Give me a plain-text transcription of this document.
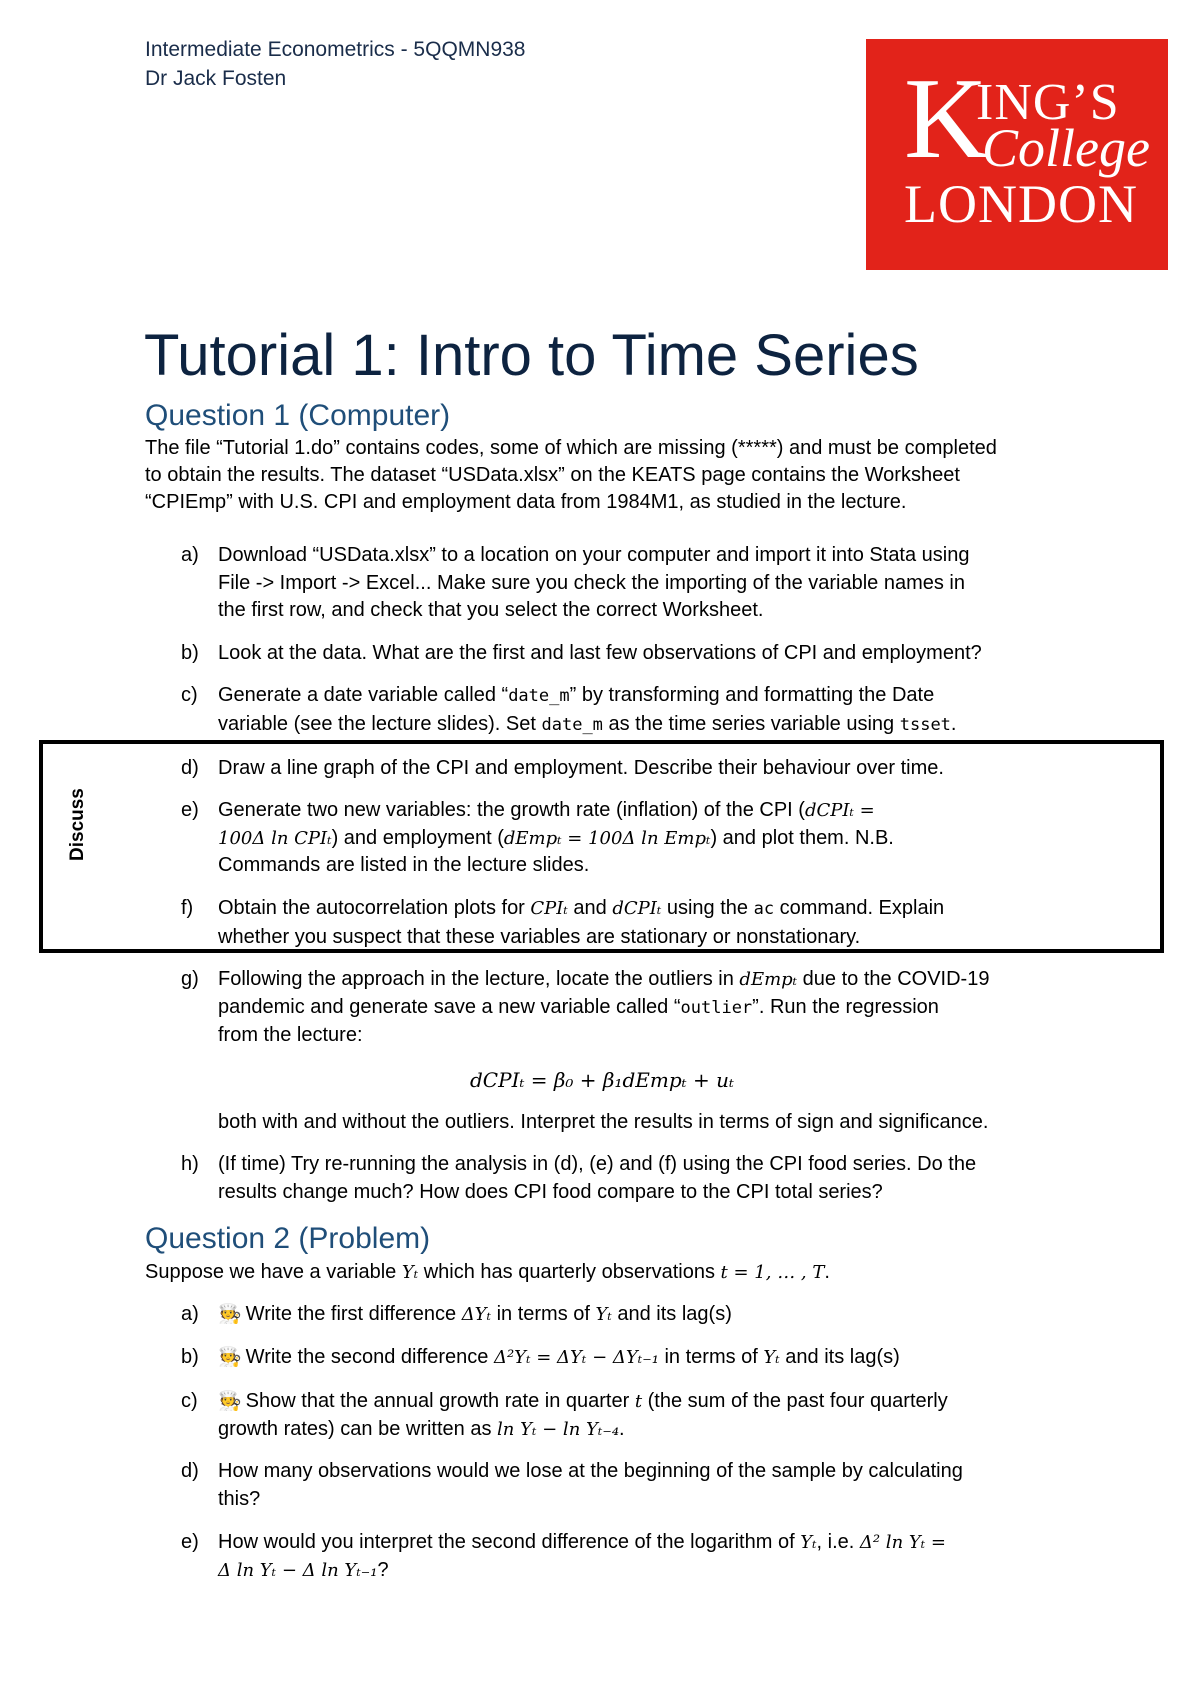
Intermediate Econometrics - 5QQMN938
Dr Jack Fosten	K
ING’S
College
LONDON
Tutorial 1: Intro to Time Series
Question 1 (Computer)
The file “Tutorial 1.do” contains codes, some of which are missing (*****) and must be completed
to obtain the results. The dataset “USData.xlsx” on the KEATS page contains the Worksheet
“CPIEmp” with U.S. CPI and employment data from 1984M1, as studied in the lecture.
a) Download “USData.xlsx” to a location on your computer and import it into Stata using
File -> Import -> Excel... Make sure you check the importing of the variable names in
the first row, and check that you select the correct Worksheet.
b) Look at the data. What are the first and last few observations of CPI and employment?
c) Generate a date variable called “date_m” by transforming and formatting the Date
variable (see the lecture slides). Set date_m as the time series variable using tsset.
Discuss
d) Draw a line graph of the CPI and employment. Describe their behaviour over time.
e) Generate two new variables: the growth rate (inflation) of the CPI (dCPIₜ =
100Δ ln CPIₜ) and employment (dEmpₜ = 100Δ ln Empₜ) and plot them. N.B.
Commands are listed in the lecture slides.
f) Obtain the autocorrelation plots for CPIₜ and dCPIₜ using the ac command. Explain
whether you suspect that these variables are stationary or nonstationary.
g) Following the approach in the lecture, locate the outliers in dEmpₜ due to the COVID-19
pandemic and generate save a new variable called “outlier”. Run the regression
from the lecture:
dCPIₜ = β₀ + β₁dEmpₜ + uₜ
both with and without the outliers. Interpret the results in terms of sign and significance.
h) (If time) Try re-running the analysis in (d), (e) and (f) using the CPI food series. Do the
results change much? How does CPI food compare to the CPI total series?
Question 2 (Problem)
Suppose we have a variable Yₜ which has quarterly observations t = 1, … , T.
a) 🧑‍🍳 Write the first difference ΔYₜ in terms of Yₜ and its lag(s)
b) 🧑‍🍳 Write the second difference Δ²Yₜ = ΔYₜ − ΔYₜ₋₁ in terms of Yₜ and its lag(s)
c) 🧑‍🍳 Show that the annual growth rate in quarter t (the sum of the past four quarterly
growth rates) can be written as ln Yₜ − ln Yₜ₋₄.
d) How many observations would we lose at the beginning of the sample by calculating
this?
e) How would you interpret the second difference of the logarithm of Yₜ, i.e. Δ² ln Yₜ =
Δ ln Yₜ − Δ ln Yₜ₋₁?
